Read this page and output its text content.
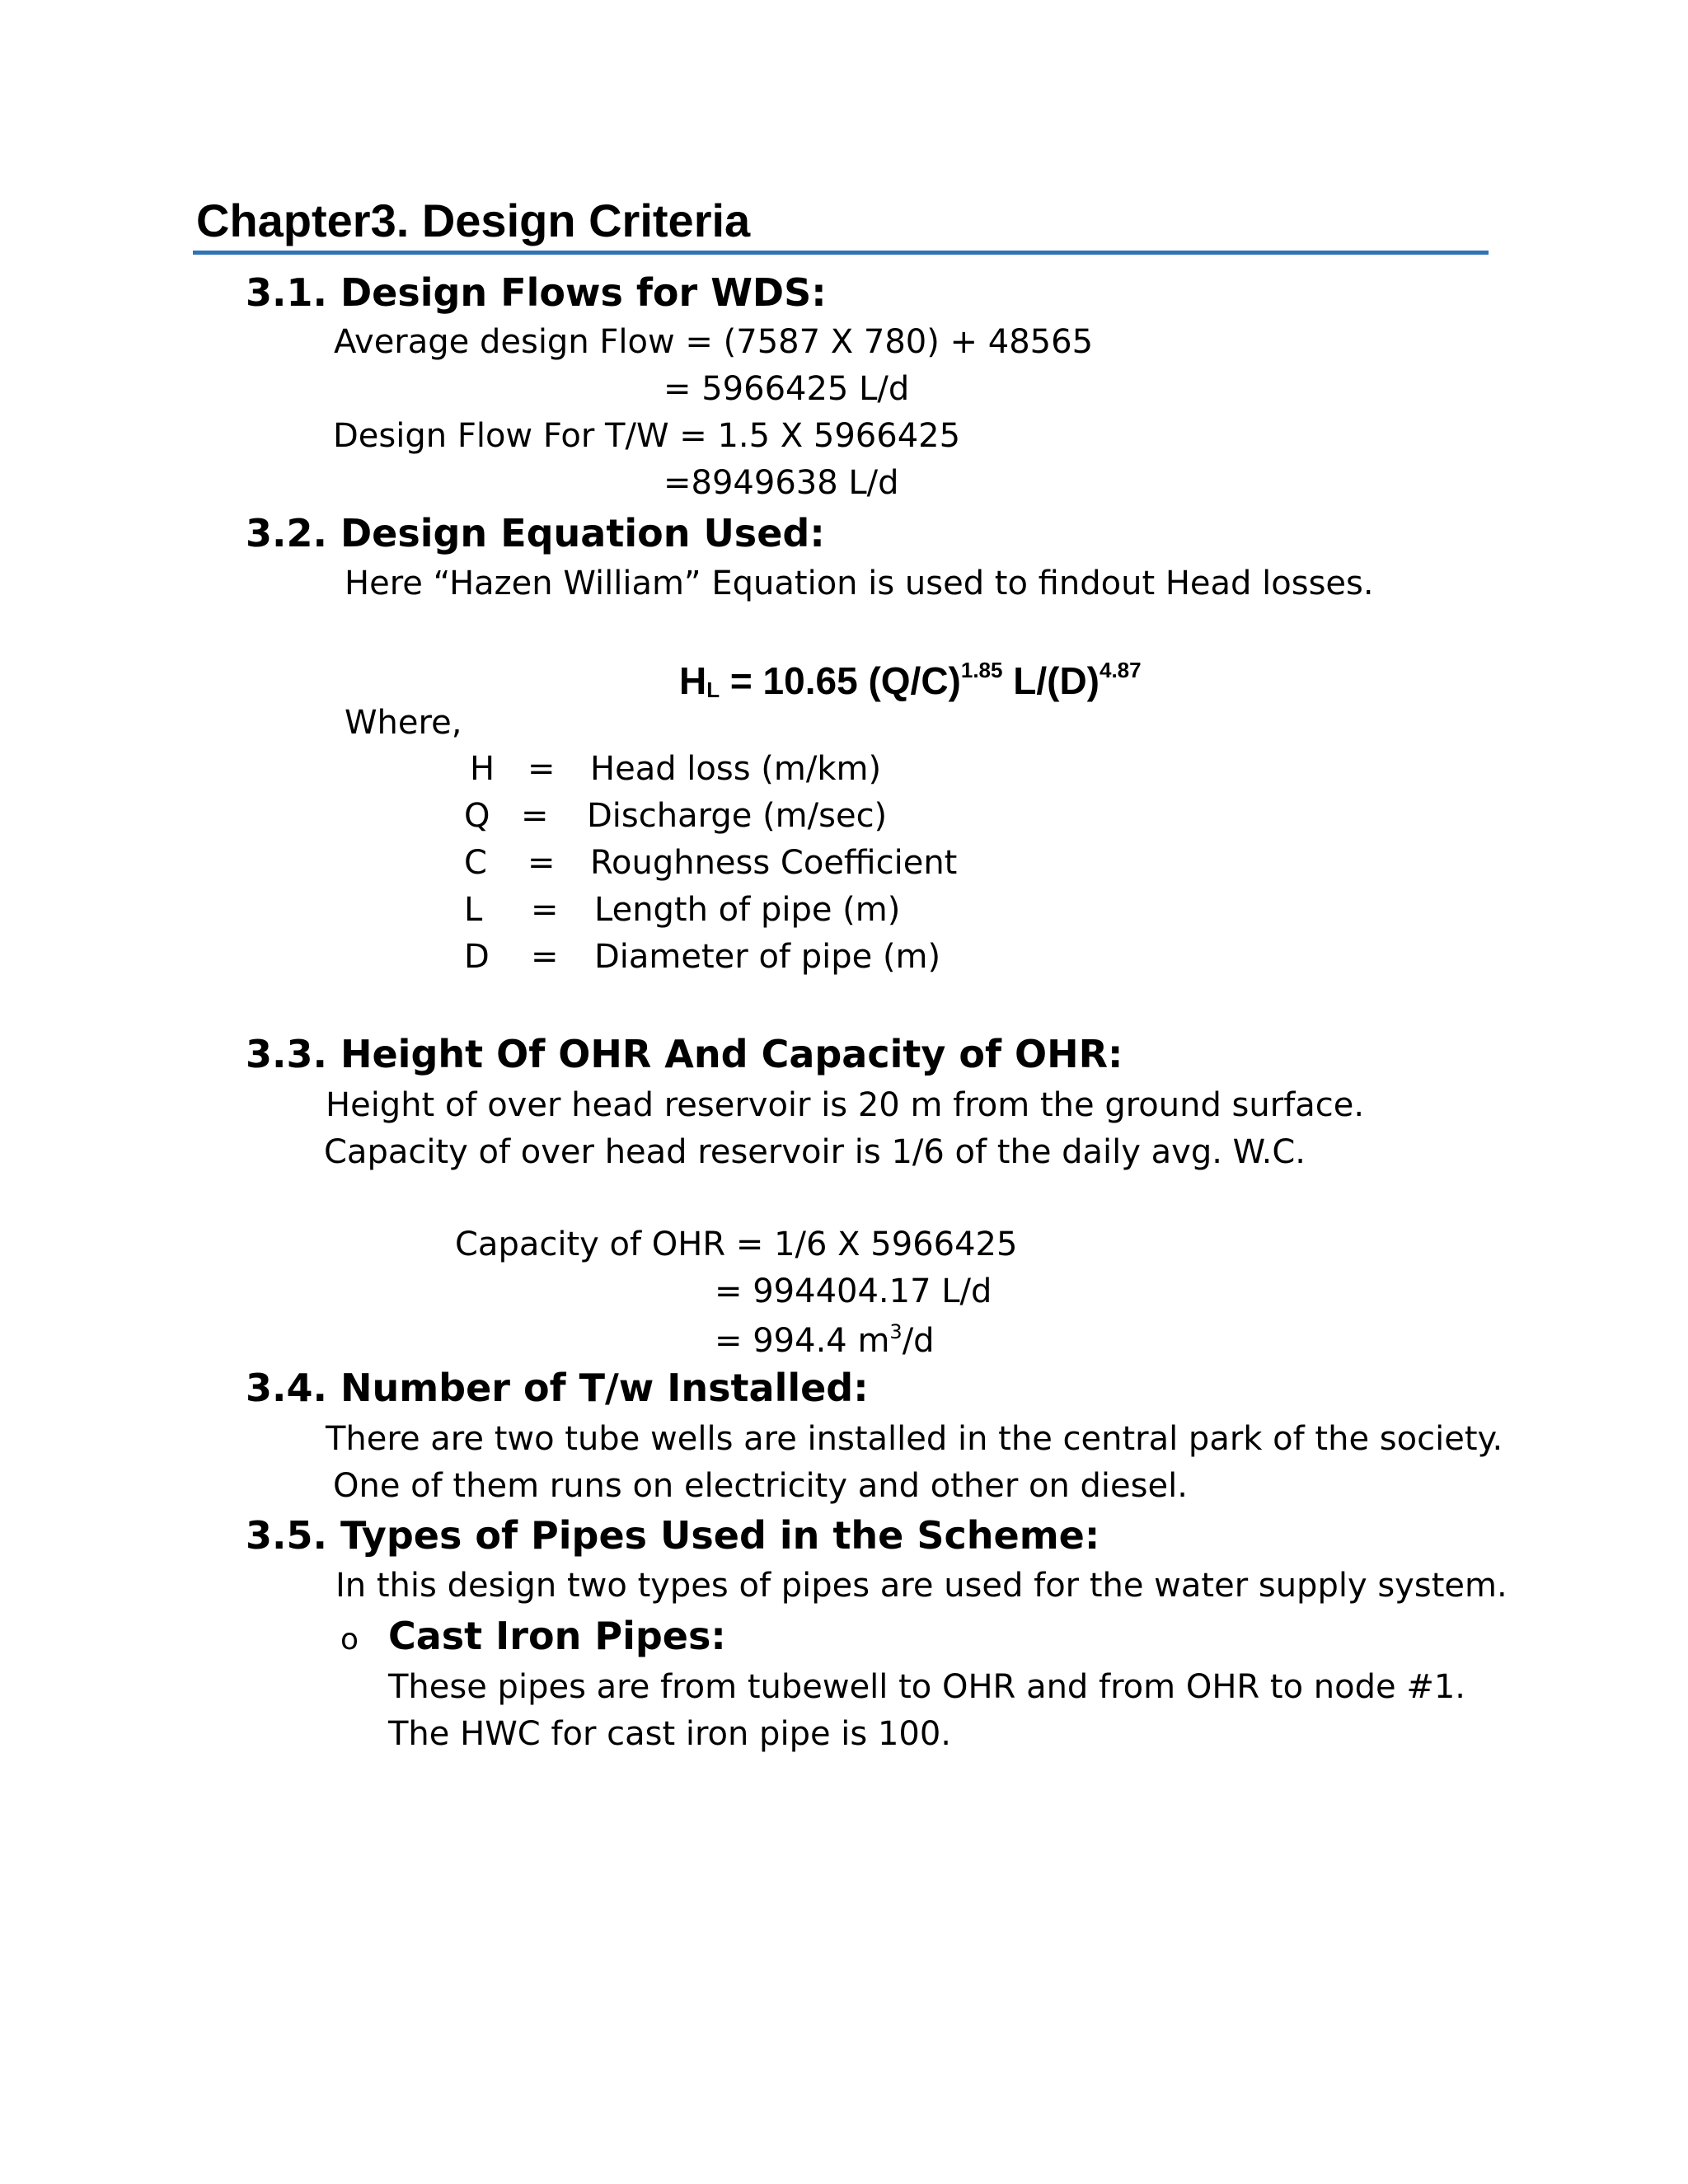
Chapter3. Design Criteria
3.1. Design Flows for WDS:
Average design Flow = (7587 X 780) + 48565
= 5966425 L/d
Design Flow For T/W = 1.5 X 5966425
=8949638 L/d
3.2. Design Equation Used:
Here “Hazen William” Equation is used to findout Head losses.
$H_L = 10.65$ $(Q/C)^{1.85}$ $L/(D)^{4.87}$
Where,
H = Head loss (m/km)
Q = Discharge (m/sec)
C = Roughness Coefficient
L = Length of pipe (m)
D = Diameter of pipe (m)
3.3. Height Of OHR And Capacity of OHR:
Height of over head reservoir is 20 m from the ground surface.
Capacity of over head reservoir is 1/6 of the daily avg. W.C.
Capacity of OHR = 1/6 X 5966425
= 994404.17 L/d
= 994.4 $m^3/d$
3.4. Number of T/w Installed:
There are two tube wells are installed in the central park of the society.
One of them runs on electricity and other on diesel.
3.5. Types of Pipes Used in the Scheme:
In this design two types of pipes are used for the water supply system.
o Cast Iron Pipes:
These pipes are from tubewell to OHR and from OHR to node #1.
The HWC for cast iron pipe is 100.
